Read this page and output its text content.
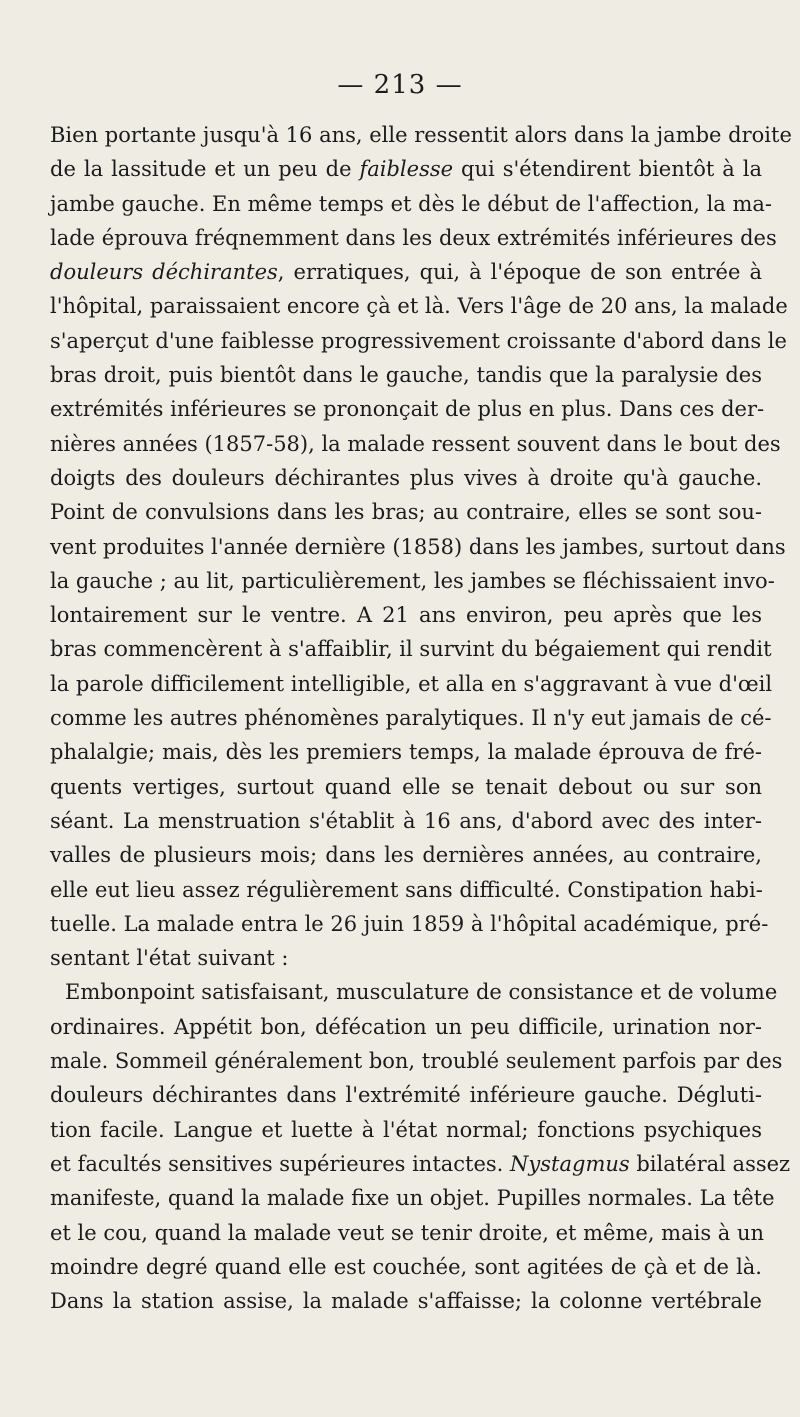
— 213 —
Bien portante jusqu'à 16 ans, elle ressentit alors dans la jambe droite
de la lassitude et un peu de faiblesse qui s'étendirent bientôt à la
jambe gauche. En même temps et dès le début de l'affection, la ma-
lade éprouva fréqnemment dans les deux extrémités inférieures des
douleurs déchirantes, erratiques, qui, à l'époque de son entrée à
l'hôpital, paraissaient encore çà et là. Vers l'âge de 20 ans, la malade
s'aperçut d'une faiblesse progressivement croissante d'abord dans le
bras droit, puis bientôt dans le gauche, tandis que la paralysie des
extrémités inférieures se prononçait de plus en plus. Dans ces der-
nières années (1857-58), la malade ressent souvent dans le bout des
doigts des douleurs déchirantes plus vives à droite qu'à gauche.
Point de convulsions dans les bras; au contraire, elles se sont sou-
vent produites l'année dernière (1858) dans les jambes, surtout dans
la gauche ; au lit, particulièrement, les jambes se fléchissaient invo-
lontairement sur le ventre. A 21 ans environ, peu après que les
bras commencèrent à s'affaiblir, il survint du bégaiement qui rendit
la parole difficilement intelligible, et alla en s'aggravant à vue d'œil
comme les autres phénomènes paralytiques. Il n'y eut jamais de cé-
phalalgie; mais, dès les premiers temps, la malade éprouva de fré-
quents vertiges, surtout quand elle se tenait debout ou sur son
séant. La menstruation s'établit à 16 ans, d'abord avec des inter-
valles de plusieurs mois; dans les dernières années, au contraire,
elle eut lieu assez régulièrement sans difficulté. Constipation habi-
tuelle. La malade entra le 26 juin 1859 à l'hôpital académique, pré-
sentant l'état suivant :
Embonpoint satisfaisant, musculature de consistance et de volume
ordinaires. Appétit bon, défécation un peu difficile, urination nor-
male. Sommeil généralement bon, troublé seulement parfois par des
douleurs déchirantes dans l'extrémité inférieure gauche. Dégluti-
tion facile. Langue et luette à l'état normal; fonctions psychiques
et facultés sensitives supérieures intactes. Nystagmus bilatéral assez
manifeste, quand la malade fixe un objet. Pupilles normales. La tête
et le cou, quand la malade veut se tenir droite, et même, mais à un
moindre degré quand elle est couchée, sont agitées de çà et de là.
Dans la station assise, la malade s'affaisse; la colonne vertébrale
